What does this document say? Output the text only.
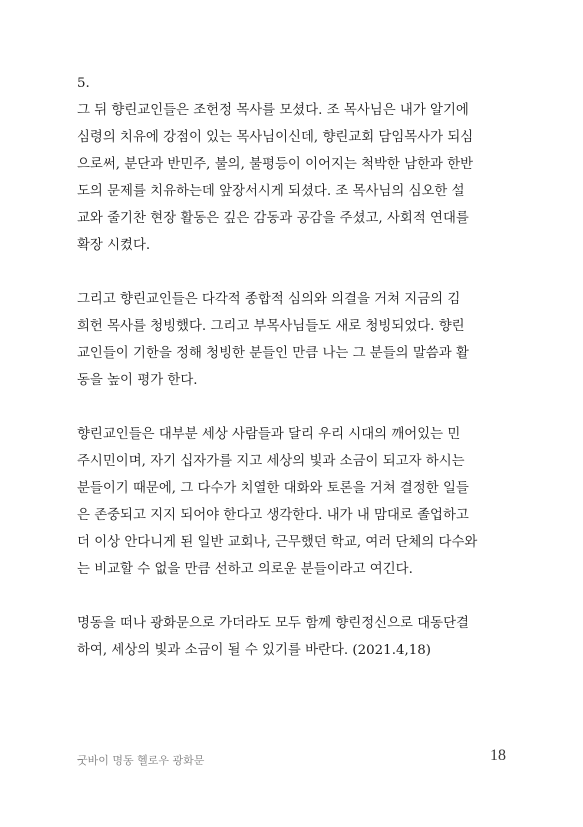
5.
그 뒤 향린교인들은 조헌정 목사를 모셨다. 조 목사님은 내가 알기에
심령의 치유에 강점이 있는 목사님이신데, 향린교회 담임목사가 되심
으로써, 분단과 반민주, 불의, 불평등이 이어지는 척박한 남한과 한반
도의 문제를 치유하는데 앞장서시게 되셨다. 조 목사님의 심오한 설
교와 줄기찬 현장 활동은 깊은 감동과 공감을 주셨고, 사회적 연대를
확장 시켰다.
그리고 향린교인들은 다각적 종합적 심의와 의결을 거쳐 지금의 김
희헌 목사를 청빙했다. 그리고 부목사님들도 새로 청빙되었다. 향린
교인들이 기한을 정해 청빙한 분들인 만큼 나는 그 분들의 말씀과 활
동을 높이 평가 한다.
향린교인들은 대부분 세상 사람들과 달리 우리 시대의 깨어있는 민
주시민이며, 자기 십자가를 지고 세상의 빛과 소금이 되고자 하시는
분들이기 때문에, 그 다수가 치열한 대화와 토론을 거쳐 결정한 일들
은 존중되고 지지 되어야 한다고 생각한다. 내가 내 맘대로 졸업하고
더 이상 안다니게 된 일반 교회나, 근무했던 학교, 여러 단체의 다수와
는 비교할 수 없을 만큼 선하고 의로운 분들이라고 여긴다.
명동을 떠나 광화문으로 가더라도 모두 함께 향린정신으로 대동단결
하여, 세상의 빛과 소금이 될 수 있기를 바란다. (2021.4,18)
굿바이 명동 헬로우 광화문	18
